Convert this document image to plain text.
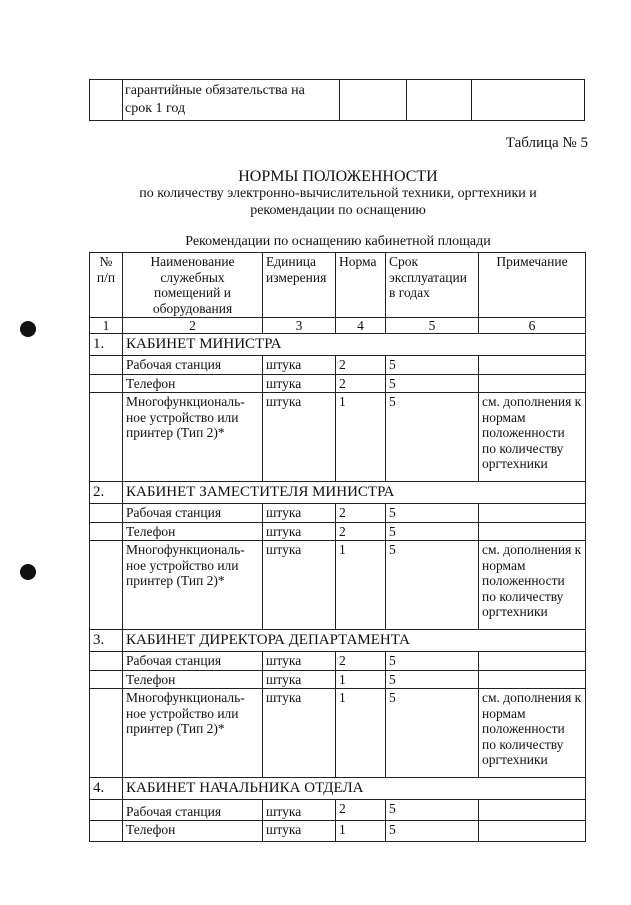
гарантийные обязательства на
срок 1 год

Таблица № 5
НОРМЫ ПОЛОЖЕННОСТИ
по количеству электронно-вычислительной техники, оргтехники и
рекомендации по оснащению
Рекомендации по оснащению кабинетной площади
№ п/п	Наименование служебных помещений и оборудования	Единица измерения	Норма	Срок эксплуатации в годах	Примечание
1	2	3	4	5	6
1.	КАБИНЕТ МИНИСТРА				
	Рабочая станция	штука	2	5	
	Телефон	штука	2	5	
	Многофункциональ-ное устройство или принтер (Тип 2)*	штука	1	5	см. дополнения к нормам положенности по количеству оргтехники
2.	КАБИНЕТ ЗАМЕСТИТЕЛЯ МИНИСТРА				
	Рабочая станция	штука	2	5	
	Телефон	штука	2	5	
	Многофункциональ-ное устройство или принтер (Тип 2)*	штука	1	5	см. дополнения к нормам положенности по количеству оргтехники
3.	КАБИНЕТ ДИРЕКТОРА ДЕПАРТАМЕНТА				
	Рабочая станция	штука	2	5	
	Телефон	штука	1	5	
	Многофункциональ-ное устройство или принтер (Тип 2)*	штука	1	5	см. дополнения к нормам положенности по количеству оргтехники
4.	КАБИНЕТ НАЧАЛЬНИКА ОТДЕЛА				
	Рабочая станция	штука	2	5	
	Телефон	штука	1	5	
